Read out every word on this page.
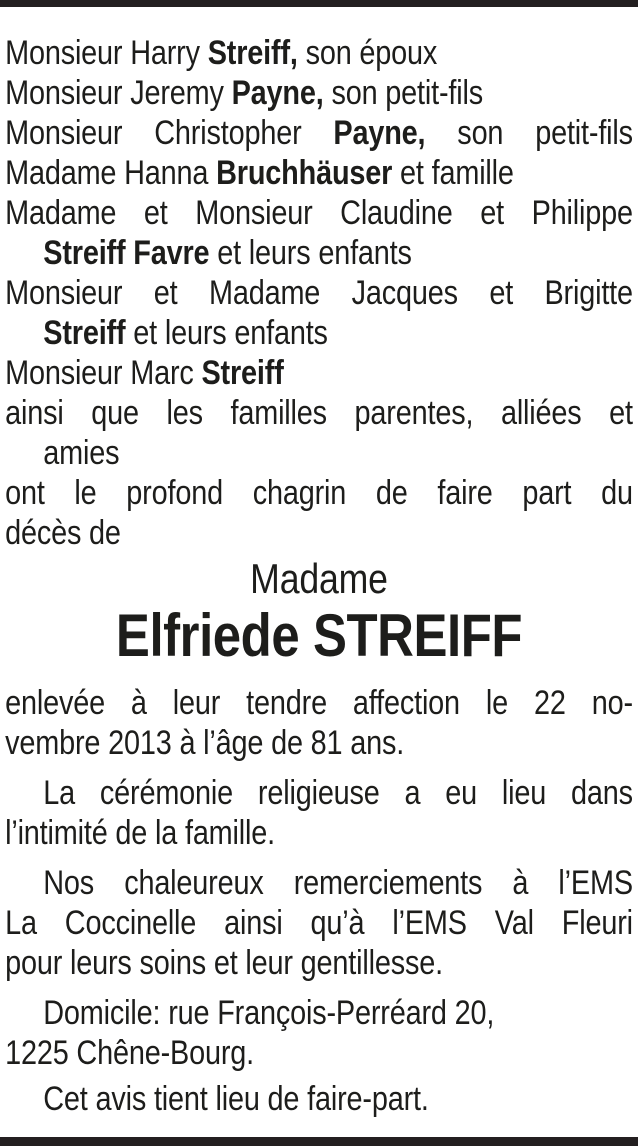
Monsieur Harry Streiff, son époux
Monsieur Jeremy Payne, son petit-fils
Monsieur Christopher Payne, son petit-fils
Madame Hanna Bruchhäuser et famille
Madame et Monsieur Claudine et Philippe
Streiff Favre et leurs enfants
Monsieur et Madame Jacques et Brigitte
Streiff et leurs enfants
Monsieur Marc Streiff
ainsi que les familles parentes, alliées et
amies
ont le profond chagrin de faire part du
décès de
Madame
Elfriede STREIFF
enlevée à leur tendre affection le 22 no-
vembre 2013 à l’âge de 81 ans.
La cérémonie religieuse a eu lieu dans
l’intimité de la famille.
Nos chaleureux remerciements à l’EMS
La Coccinelle ainsi qu’à l’EMS Val Fleuri
pour leurs soins et leur gentillesse.
Domicile: rue François-Perréard 20,
1225 Chêne-Bourg.
Cet avis tient lieu de faire-part.
